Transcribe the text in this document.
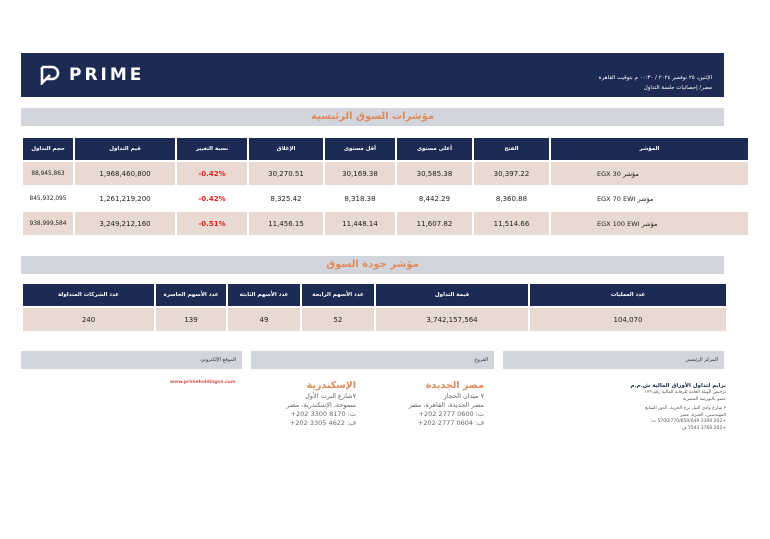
PRIME	الإثنين، ٢٥ نوفمبر ٢٠٢٤ / ٠٠:٣٠ م بتوقيت القاهرة
مصر/ إحصائيات جلسة التداول
مؤشرات السوق الرئيسية
حجم التداول	قيم التداول	نسبة التغيير	الإغلاق	أقل مستوى	أعلى مستوى	الفتح	المؤشر
88,945,863	1,968,460,800	-0.42%	30,270.51	30,169.38	30,585.38	30,397.22	EGX 30 مؤشر
845,932,095	1,261,219,200	-0.42%	8,325.42	8,318.38	8,442.29	8,360.88	EGX 70 EWI مؤشر
938,999,584	3,249,212,160	-0.51%	11,456.15	11,448.14	11,607.82	11,514.66	EGX 100 EWI مؤشر
مؤشر جودة السوق
عدد الشركات المتداولة	عدد الأسهم الخاسرة	عدد الأسهم الثابتة	عدد الأسهم الرابحة	قيمة التداول	عدد العمليات
240	139	49	52	3,742,157,564	104,070
الموقع الإلكتروني	الفروع	المركز الرئيسي
www.primeholdingco.com	الإسكندرية
٧شارع البرت الأول
سموحة، الإسكندرية، مصر
ت: 8170 3300 202+
ف: 4622 3305 202+
مصر الجديدة
٧ ميدان الحجاز
مصر الجديدة، القاهرة، مصر
ت: 0600 2777 202+
ف: 0604 2777 202+
برايم لتداول الأوراق المالية ش.م.م
ترخيص الهيئة العامة للرقابة المالية رقم ١٧٩
عضو بالبورصة المصرية
٢ شارع وادي النيل برج الحرية، الدور السابع
المهندسين، الجيزة، مصر
+202 3300 5700/770/650/649 ت:
+202 3760 7543 ف:
